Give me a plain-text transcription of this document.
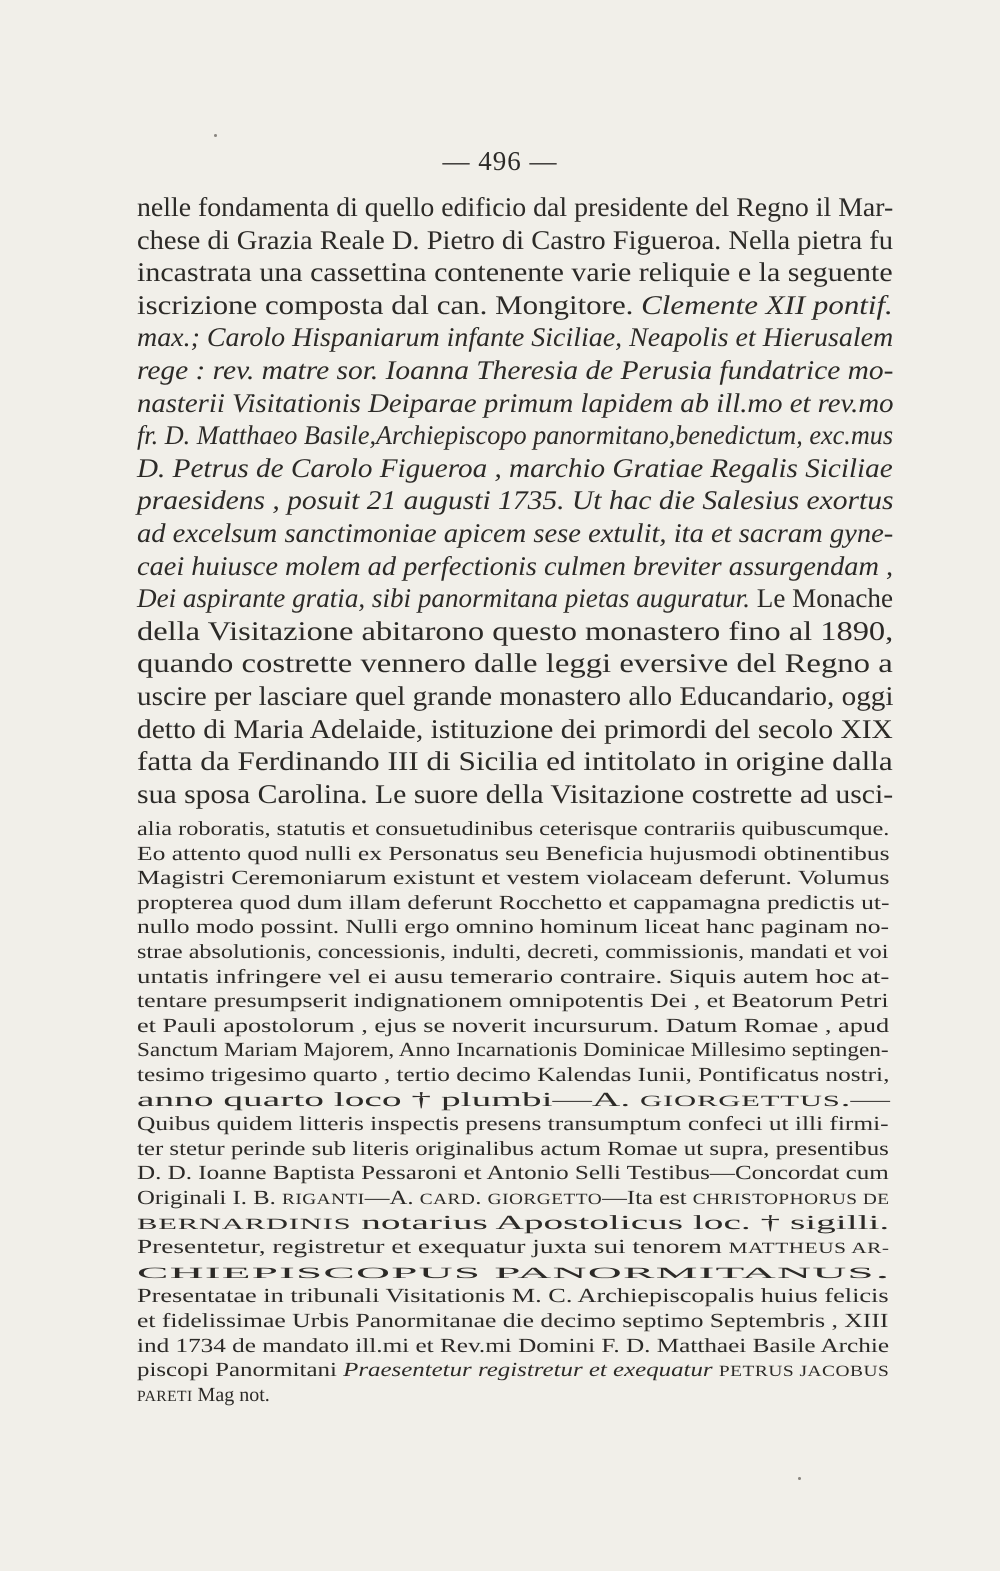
— 496 —
nelle fondamenta di quello edificio dal presidente del Regno il Mar-
chese di Grazia Reale D. Pietro di Castro Figueroa. Nella pietra fu
incastrata una cassettina contenente varie reliquie e la seguente
iscrizione composta dal can. Mongitore. Clemente XII pontif.
max.; Carolo Hispaniarum infante Siciliae, Neapolis et Hierusalem
rege : rev. matre sor. Ioanna Theresia de Perusia fundatrice mo-
nasterii Visitationis Deiparae primum lapidem ab ill.mo et rev.mo
fr. D. Matthaeo Basile,Archiepiscopo panormitano,benedictum, exc.mus
D. Petrus de Carolo Figueroa , marchio Gratiae Regalis Siciliae
praesidens , posuit 21 augusti 1735. Ut hac die Salesius exortus
ad excelsum sanctimoniae apicem sese extulit, ita et sacram gyne-
caei huiusce molem ad perfectionis culmen breviter assurgendam ,
Dei aspirante gratia, sibi panormitana pietas auguratur. Le Monache
della Visitazione abitarono questo monastero fino al 1890,
quando costrette vennero dalle leggi eversive del Regno a
uscire per lasciare quel grande monastero allo Educandario, oggi
detto di Maria Adelaide, istituzione dei primordi del secolo XIX
fatta da Ferdinando III di Sicilia ed intitolato in origine dalla
sua sposa Carolina. Le suore della Visitazione costrette ad usci-
alia roboratis, statutis et consuetudinibus ceterisque contrariis quibuscumque.
Eo attento quod nulli ex Personatus seu Beneficia hujusmodi obtinentibus
Magistri Ceremoniarum existunt et vestem violaceam deferunt. Volumus
propterea quod dum illam deferunt Rocchetto et cappamagna predictis ut-
nullo modo possint. Nulli ergo omnino hominum liceat hanc paginam no-
strae absolutionis, concessionis, indulti, decreti, commissionis, mandati et voi
untatis infringere vel ei ausu temerario contraire. Siquis autem hoc at-
tentare presumpserit indignationem omnipotentis Dei , et Beatorum Petri
et Pauli apostolorum , ejus se noverit incursurum. Datum Romae , apud
Sanctum Mariam Majorem, Anno Incarnationis Dominicae Millesimo septingen-
tesimo trigesimo quarto , tertio decimo Kalendas Iunii, Pontificatus nostri,
anno quarto loco † plumbi—A. GIORGETTUS.—
Quibus quidem litteris inspectis presens transumptum confeci ut illi firmi-
ter stetur perinde sub literis originalibus actum Romae ut supra, presentibus
D. D. Ioanne Baptista Pessaroni et Antonio Selli Testibus—Concordat cum
Originali I. B. RIGANTI—A. CARD. GIORGETTO—Ita est CHRISTOPHORUS DE
BERNARDINIS notarius Apostolicus loc. † sigilli.
Presentetur, registretur et exequatur juxta sui tenorem MATTHEUS AR-
CHIEPISCOPUS PANORMITANUS.
Presentatae in tribunali Visitationis M. C. Archiepiscopalis huius felicis
et fidelissimae Urbis Panormitanae die decimo septimo Septembris , XIII
ind 1734 de mandato ill.mi et Rev.mi Domini F. D. Matthaei Basile Archie
piscopi Panormitani Praesentetur registretur et exequatur PETRUS JACOBUS
PARETI Mag not.
